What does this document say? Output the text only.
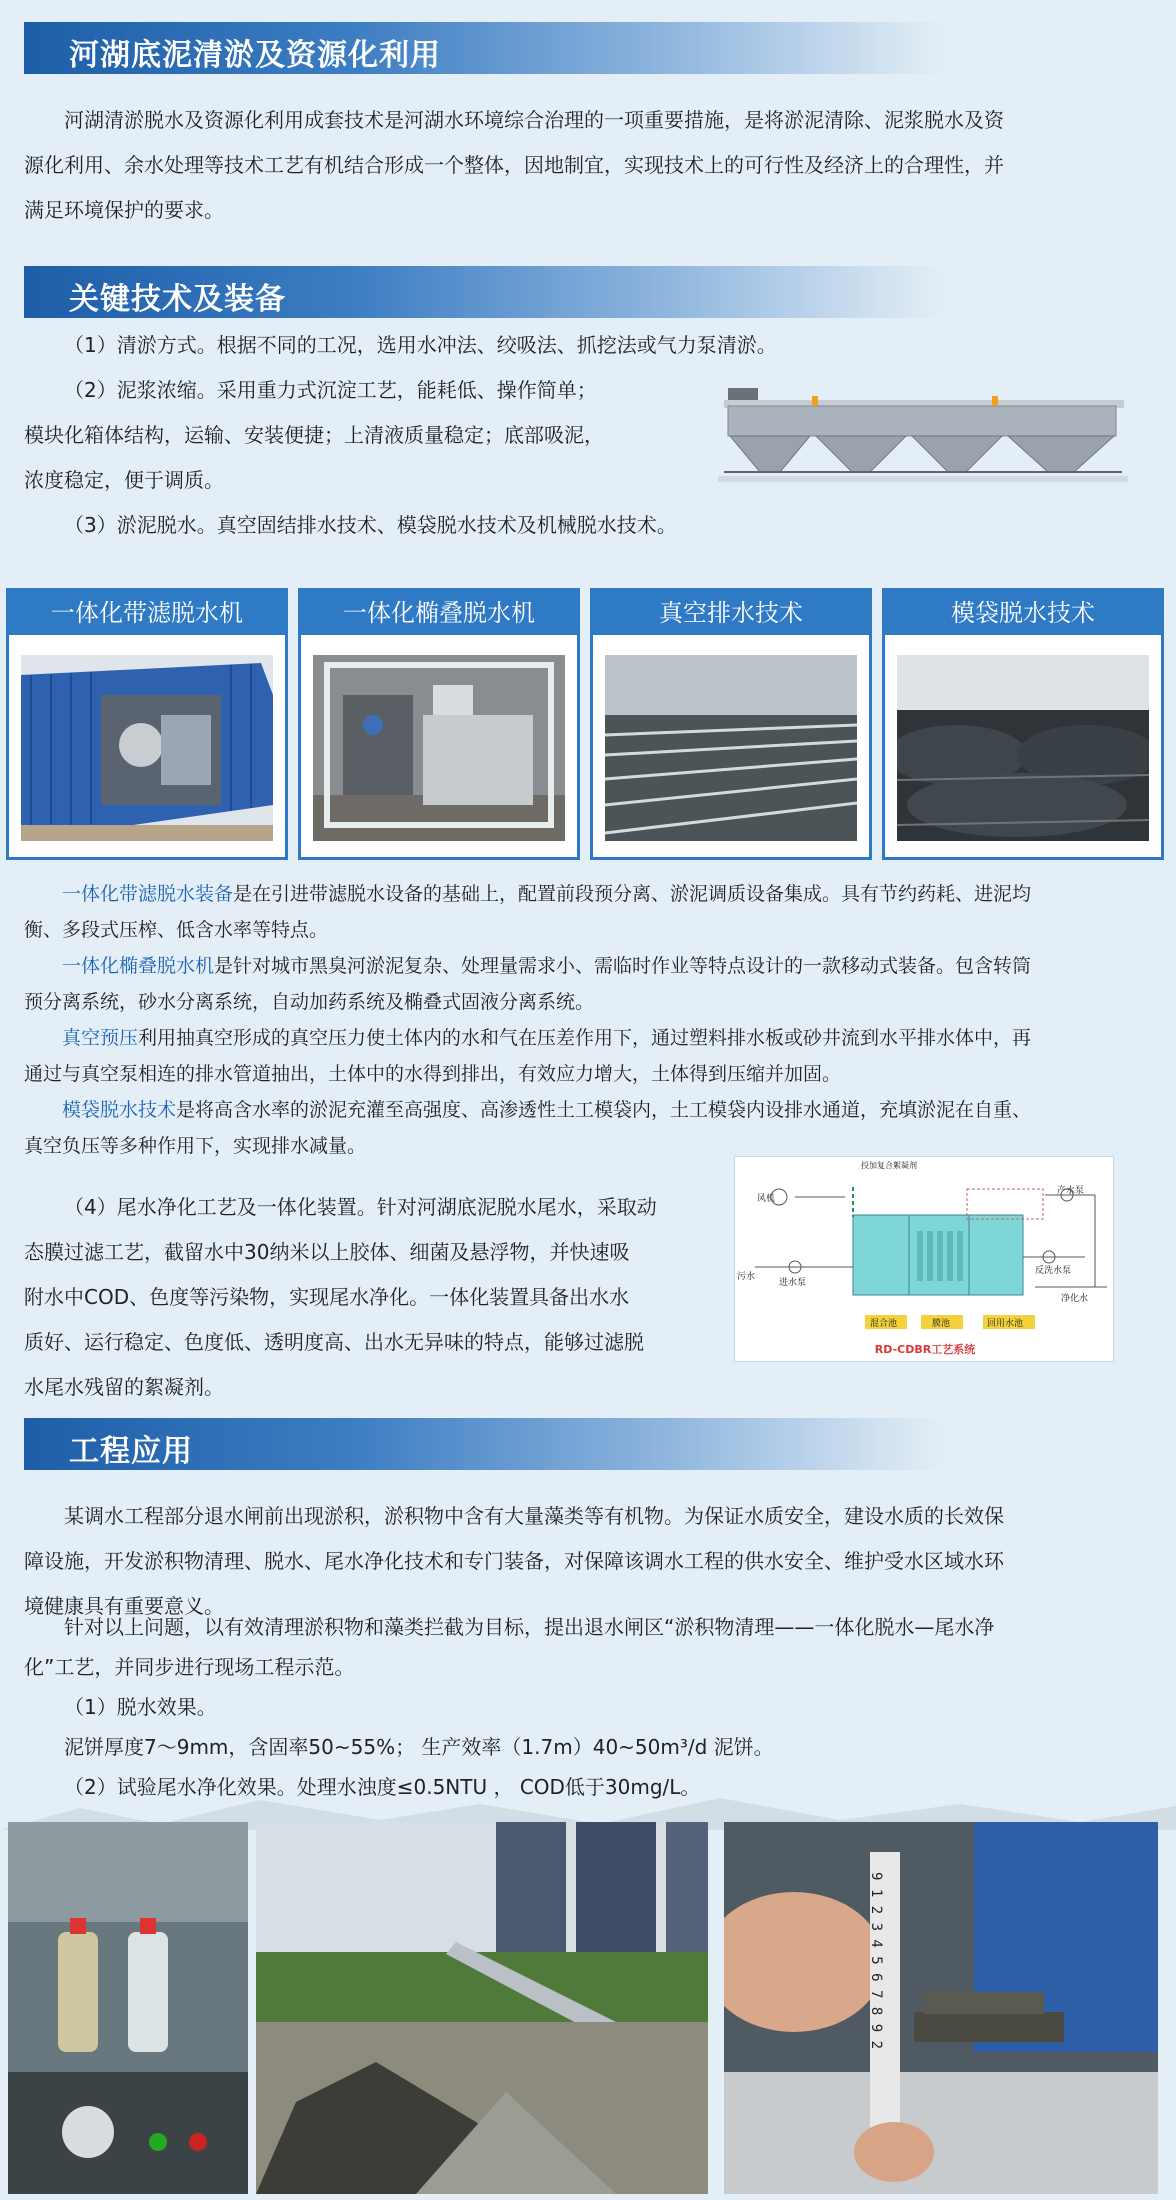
河湖底泥清淤及资源化利用
河湖清淤脱水及资源化利用成套技术是河湖水环境综合治理的一项重要措施，是将淤泥清除、泥浆脱水及资
源化利用、余水处理等技术工艺有机结合形成一个整体，因地制宜，实现技术上的可行性及经济上的合理性，并
满足环境保护的要求。
关键技术及装备
（1）清淤方式。根据不同的工况，选用水冲法、绞吸法、抓挖法或气力泵清淤。
（2）泥浆浓缩。采用重力式沉淀工艺，能耗低、操作简单；
模块化箱体结构，运输、安装便捷；上清液质量稳定；底部吸泥，
浓度稳定，便于调质。
（3）淤泥脱水。真空固结排水技术、模袋脱水技术及机械脱水技术。
一体化带滤脱水机	一体化椭叠脱水机	真空排水技术	模袋脱水技术
一体化带滤脱水装备是在引进带滤脱水设备的基础上，配置前段预分离、淤泥调质设备集成。具有节约药耗、进泥均
衡、多段式压榨、低含水率等特点。
一体化椭叠脱水机是针对城市黑臭河淤泥复杂、处理量需求小、需临时作业等特点设计的一款移动式装备。包含转筒
预分离系统，砂水分离系统，自动加药系统及椭叠式固液分离系统。
真空预压利用抽真空形成的真空压力使土体内的水和气在压差作用下，通过塑料排水板或砂井流到水平排水体中，再
通过与真空泵相连的排水管道抽出，土体中的水得到排出，有效应力增大，土体得到压缩并加固。
模袋脱水技术是将高含水率的淤泥充灌至高强度、高渗透性土工模袋内，土工模袋内设排水通道，充填淤泥在自重、
真空负压等多种作用下，实现排水减量。
（4）尾水净化工艺及一体化装置。针对河湖底泥脱水尾水，采取动
态膜过滤工艺，截留水中30纳米以上胶体、细菌及悬浮物，并快速吸
附水中COD、色度等污染物，实现尾水净化。一体化装置具备出水水
质好、运行稳定、色度低、透明度高、出水无异味的特点，能够过滤脱
水尾水残留的絮凝剂。
风机
投加复合絮凝剂
污水
进水泵
混合池	膜池	回用水池
反洗水泵
产水泵
净化水
RD-CDBR工艺系统
工程应用
某调水工程部分退水闸前出现淤积，淤积物中含有大量藻类等有机物。为保证水质安全，建设水质的长效保
障设施，开发淤积物清理、脱水、尾水净化技术和专门装备，对保障该调水工程的供水安全、维护受水区域水环
境健康具有重要意义。
针对以上问题，以有效清理淤积物和藻类拦截为目标，提出退水闸区“淤积物清理——一体化脱水—尾水净
化”工艺，并同步进行现场工程示范。
（1）脱水效果。
泥饼厚度7～9mm，含固率50~55%； 生产效率（1.7m）40~50m³/d 泥饼。
（2）试验尾水净化效果。处理水浊度≤0.5NTU ， COD低于30mg/L。
9 1 2 3 4 5 6 7 8 9 2
